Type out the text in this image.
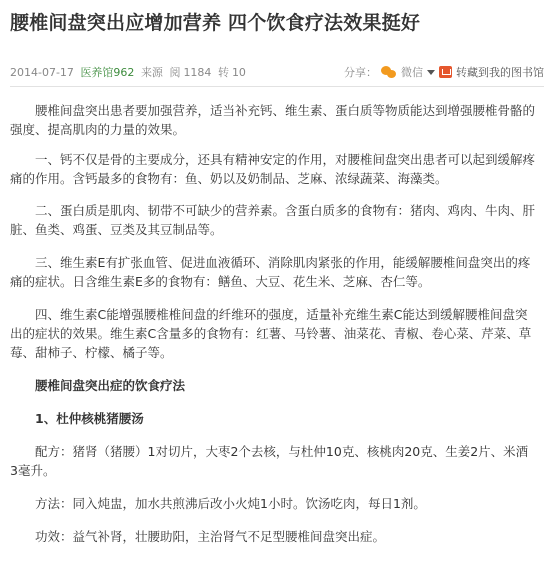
腰椎间盘突出应增加营养 四个饮食疗法效果挺好
2014-07-17 医养馆962 来源 阅 1184 转 10	分享： 微信	转藏到我的图书馆

腰椎间盘突出患者要加强营养，适当补充钙、维生素、蛋白质等物质能达到增强腰椎骨骼的强度、提高肌肉的力量的效果。

一、钙不仅是骨的主要成分，还具有精神安定的作用，对腰椎间盘突出患者可以起到缓解疼痛的作用。含钙最多的食物有：鱼、奶以及奶制品、芝麻、浓绿蔬菜、海藻类。

二、蛋白质是肌肉、韧带不可缺少的营养素。含蛋白质多的食物有：猪肉、鸡肉、牛肉、肝脏、鱼类、鸡蛋、豆类及其豆制品等。

三、维生素E有扩张血管、促进血液循环、消除肌肉紧张的作用，能缓解腰椎间盘突出的疼痛的症状。日含维生素E多的食物有：鳝鱼、大豆、花生米、芝麻、杏仁等。

四、维生素C能增强腰椎椎间盘的纤维环的强度，适量补充维生素C能达到缓解腰椎间盘突出的症状的效果。维生素C含量多的食物有：红薯、马铃薯、油菜花、青椒、卷心菜、芹菜、草莓、甜柿子、柠檬、橘子等。

腰椎间盘突出症的饮食疗法

1、杜仲核桃猪腰汤

配方：猪肾（猪腰）1对切片，大枣2个去核，与杜仲10克、核桃肉20克、生姜2片、米酒3毫升。

方法：同入炖盅，加水共煎沸后改小火炖1小时。饮汤吃肉，每日1剂。

功效：益气补肾，壮腰助阳，主治肾气不足型腰椎间盘突出症。
